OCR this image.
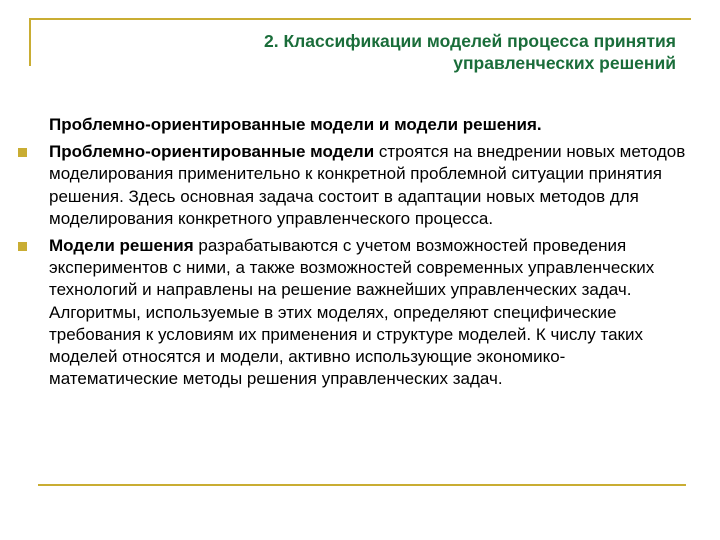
2. Классификации моделей процесса принятия
управленческих решений

Проблемно-ориентированные модели и модели решения.

Проблемно-ориентированные модели строятся на внедрении новых методов моделирования применительно к конкретной проблемной ситуации принятия решения. Здесь основная задача состоит в адаптации новых методов для моделирования конкретного управленческого процесса.

Модели решения разрабатываются с учетом возможностей проведения экспериментов с ними, а также возможностей современных управленческих технологий и направлены на решение важнейших управленческих задач. Алгоритмы, используемые в этих моделях, определяют специфические требования к условиям их применения и структуре моделей. К числу таких моделей относятся и модели, активно использующие экономико-математические методы решения управленческих задач.
